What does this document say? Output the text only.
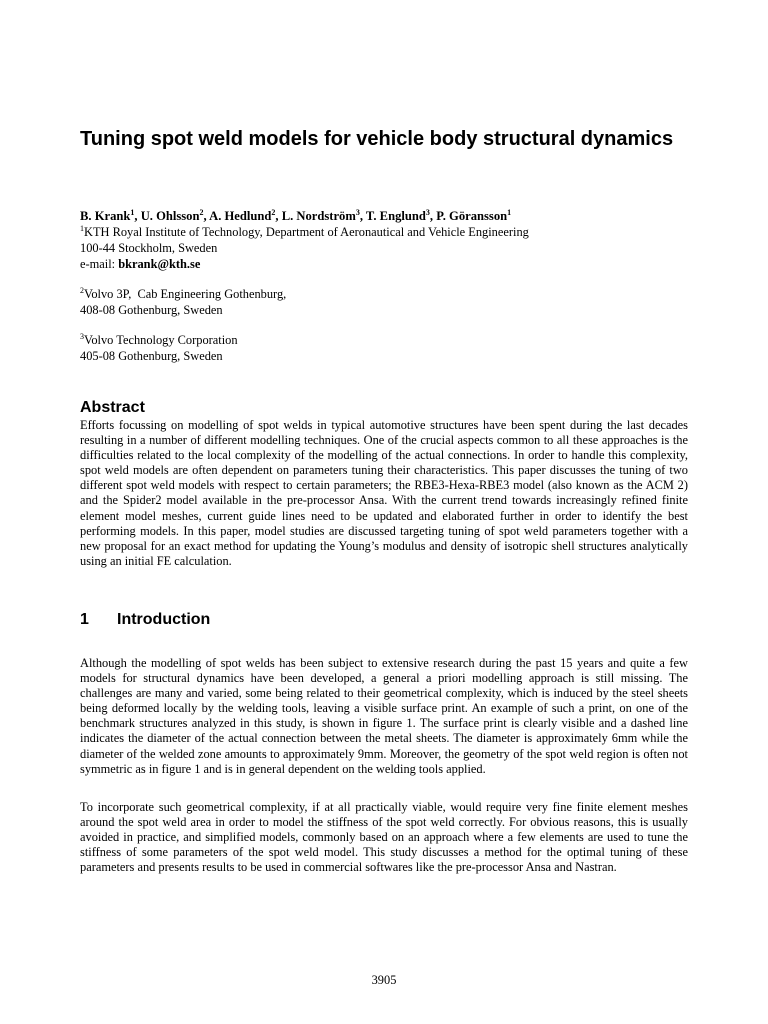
Tuning spot weld models for vehicle body structural dynamics
B. Krank$^1$, U. Ohlsson$^2$, A. Hedlund$^2$, L. Nordström$^3$, T. Englund$^3$, P. Göransson$^1$
$^1$KTH Royal Institute of Technology, Department of Aeronautical and Vehicle Engineering
100-44 Stockholm, Sweden
e-mail: bkrank@kth.se
$^2$Volvo 3P,  Cab Engineering Gothenburg,
408-08 Gothenburg, Sweden
$^3$Volvo Technology Corporation
405-08 Gothenburg, Sweden
Abstract

Efforts focussing on modelling of spot welds in typical automotive structures have been spent during the last decades resulting in a number of different modelling techniques. One of the crucial aspects common to all these approaches is the difficulties related to the local complexity of the modelling of the actual connections. In order to handle this complexity, spot weld models are often dependent on parameters tuning their characteristics. This paper discusses the tuning of two different spot weld models with respect to certain parameters; the RBE3-Hexa-RBE3 model (also known as the ACM 2) and the Spider2 model available in the pre-processor Ansa. With the current trend towards increasingly refined finite element model meshes, current guide lines need to be updated and elaborated further in order to identify the best performing models. In this paper, model studies are discussed targeting tuning of spot weld parameters together with a new proposal for an exact method for updating the Young’s modulus and density of isotropic shell structures analytically using an initial FE calculation.

1 Introduction

Although the modelling of spot welds has been subject to extensive research during the past 15 years and quite a few models for structural dynamics have been developed, a general a priori modelling approach is still missing. The challenges are many and varied, some being related to their geometrical complexity, which is induced by the steel sheets being deformed locally by the welding tools, leaving a visible surface print. An example of such a print, on one of the benchmark structures analyzed in this study, is shown in figure 1. The surface print is clearly visible and a dashed line indicates the diameter of the actual connection between the metal sheets. The diameter is approximately 6mm while the diameter of the welded zone amounts to approximately 9mm. Moreover, the geometry of the spot weld region is often not symmetric as in figure 1 and is in general dependent on the welding tools applied.

To incorporate such geometrical complexity, if at all practically viable, would require very fine finite element meshes around the spot weld area in order to model the stiffness of the spot weld correctly. For obvious reasons, this is usually avoided in practice, and simplified models, commonly based on an approach where a few elements are used to tune the stiffness of some parameters of the spot weld model. This study discusses a method for the optimal tuning of these parameters and presents results to be used in commercial softwares like the pre-processor Ansa and Nastran.

3905
